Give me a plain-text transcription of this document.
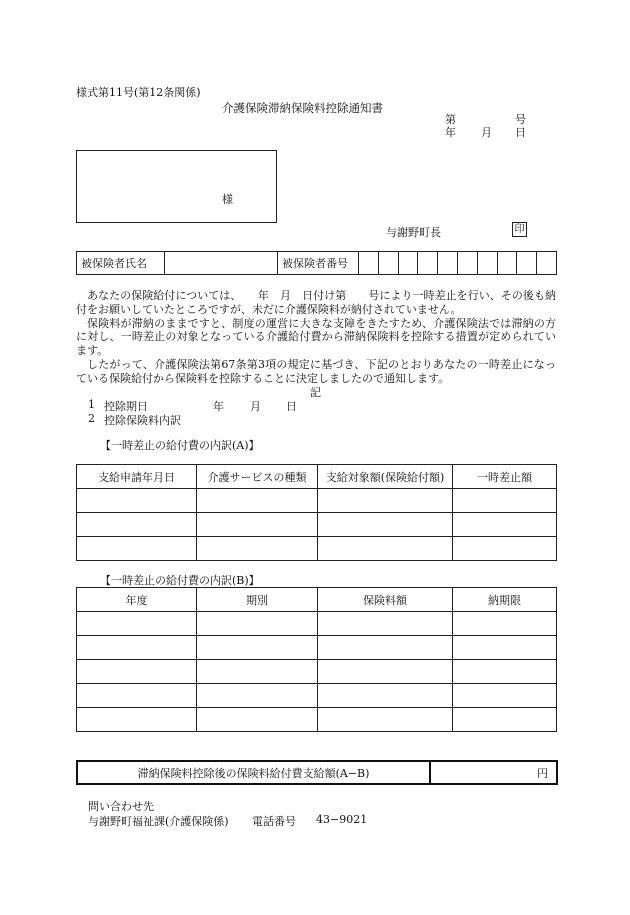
様式第11号(第12条関係)
介護保険滞納保険料控除通知書
第	号
年 月 日
様
与謝野町長	印
被保険者氏名		被保険者番号										

あなたの保険給付については、　　年　月　日付け第　　号により一時差止を行い、その後も納付をお願いしていたところですが、未だに介護保険料が納付されていません。

保険料が滞納のままですと、制度の運営に大きな支障をきたすため、介護保険法では滞納の方に対し、一時差止の対象となっている介護給付費から滞納保険料を控除する措置が定められています。

したがって、介護保険法第67条第3項の規定に基づき、下記のとおりあなたの一時差止になっている保険給付から保険料を控除することに決定しましたので通知します。

記
1 控除期日	年 月 日
2 控除保険料内訳
【一時差止の給付費の内訳(A)】
支給申請年月日	介護サービスの種類	支給対象額(保険給付額)	一時差止額

【一時差止の給付費の内訳(B)】
年度	期別	保険料額	納期限

滞納保険料控除後の保険料給付費支給額(A−B)	円
問い合わせ先
与謝野町福祉課(介護保険係) 電話番号 43−9021
